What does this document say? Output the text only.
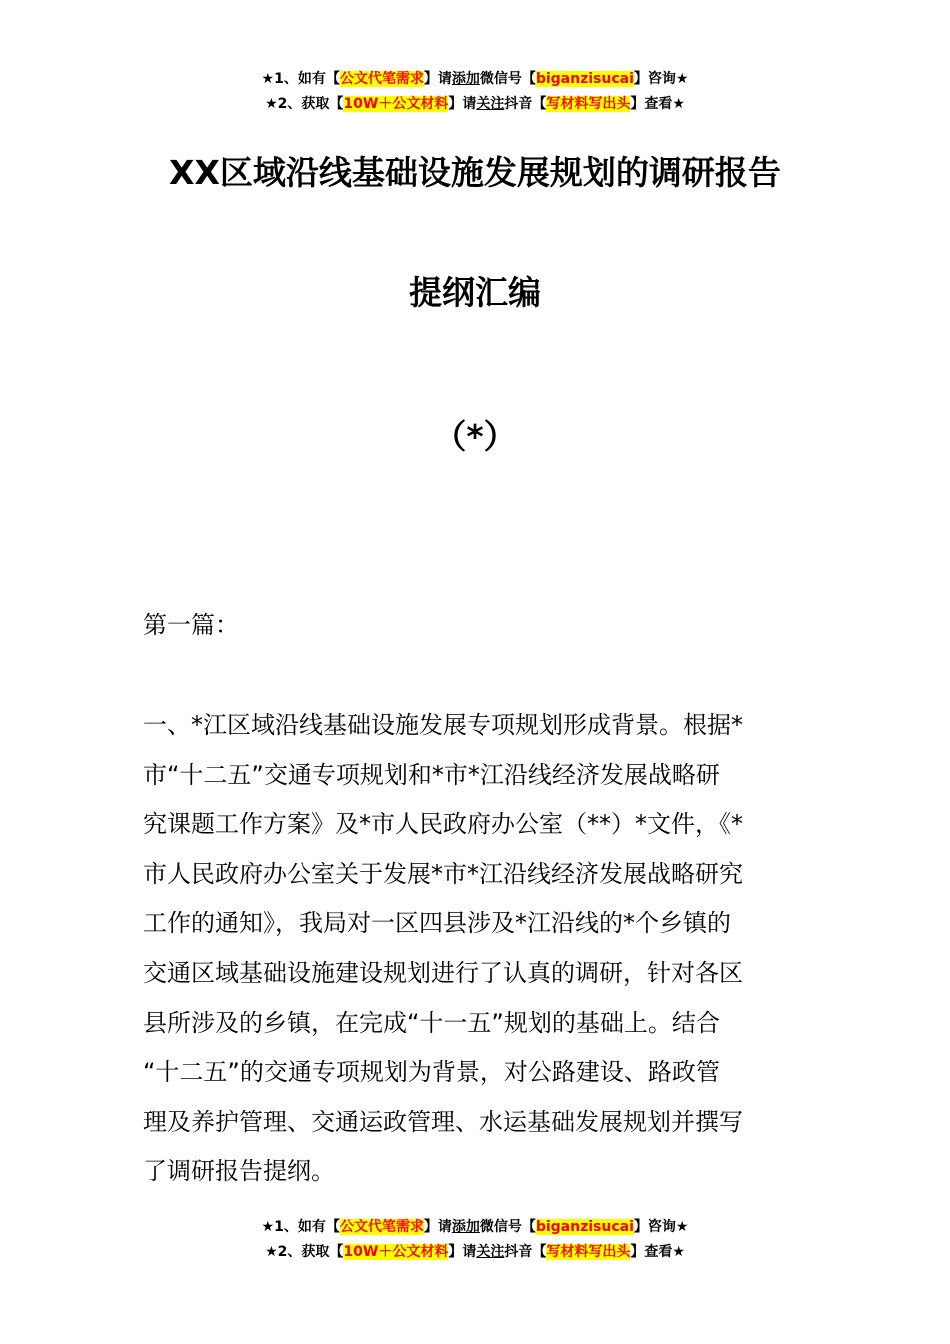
★1、如有【公文代笔需求】请添加微信号【biganzisucai】咨询★
★2、获取【10W＋公文材料】请关注抖音【写材料写出头】查看★
XX区域沿线基础设施发展规划的调研报告
提纲汇编
（*）
第一篇：
一、*江区域沿线基础设施发展专项规划形成背景。根据*
市“十二五”交通专项规划和*市*江沿线经济发展战略研
究课题工作方案》及*市人民政府办公室（**）*文件，《*
市人民政府办公室关于发展*市*江沿线经济发展战略研究
工作的通知》，我局对一区四县涉及*江沿线的*个乡镇的
交通区域基础设施建设规划进行了认真的调研，针对各区
县所涉及的乡镇，在完成“十一五”规划的基础上。结合
“十二五”的交通专项规划为背景，对公路建设、路政管
理及养护管理、交通运政管理、水运基础发展规划并撰写
了调研报告提纲。
★1、如有【公文代笔需求】请添加微信号【biganzisucai】咨询★
★2、获取【10W＋公文材料】请关注抖音【写材料写出头】查看★
